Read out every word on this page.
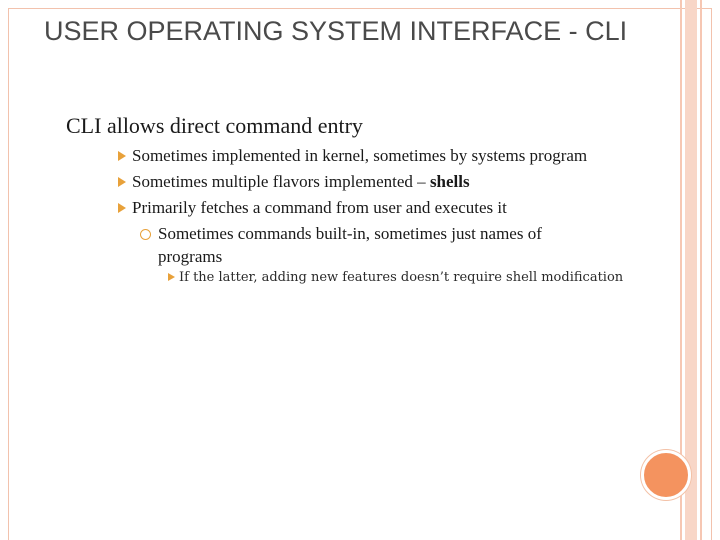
USER OPERATING SYSTEM INTERFACE - CLI
CLI allows direct command entry
Sometimes implemented in kernel, sometimes by systems program
Sometimes multiple flavors implemented – shells
Primarily fetches a command from user and executes it
Sometimes commands built-in, sometimes just names of programs
If the latter, adding new features doesn’t require shell modification
